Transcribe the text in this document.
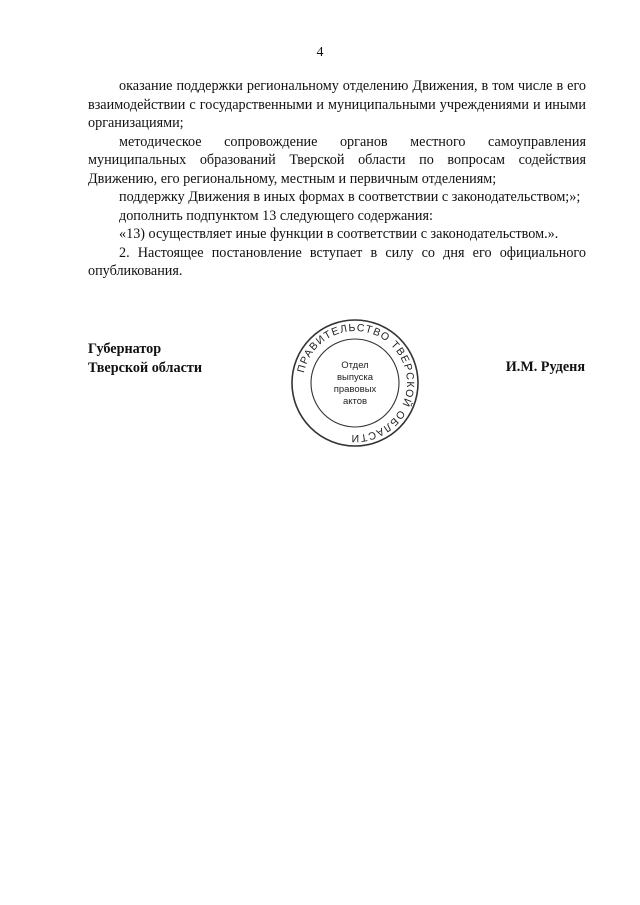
4

оказание поддержки региональному отделению Движения, в том числе в его взаимодействии с государственными и муниципальными учреждениями и иными организациями;

методическое сопровождение органов местного самоуправления муниципальных образований Тверской области по вопросам содействия Движению, его региональному, местным и первичным отделениям;

поддержку Движения в иных формах в соответствии с законодательством;»;

дополнить подпунктом 13 следующего содержания:

«13) осуществляет иные функции в соответствии с законодательством.».

2. Настоящее постановление вступает в силу со дня его официального опубликования.

Губернатор
Тверской области	ПРАВИТЕЛЬСТВО ТВЕРСКОЙ ОБЛАСТИ
Отдел
выпуска
правовых
актов
И.М. Руденя
